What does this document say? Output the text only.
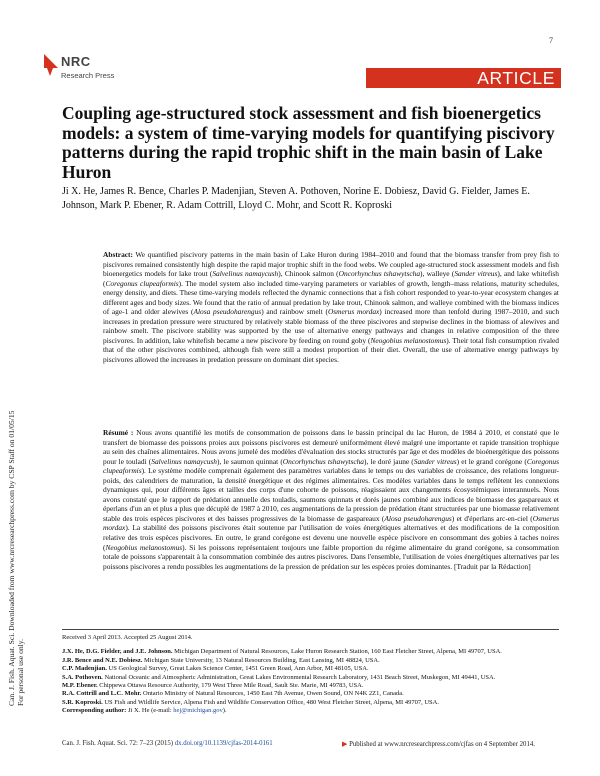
Can. J. Fish. Aquat. Sci. Downloaded from www.nrcresearchpress.com by CSP Staff on 01/05/15 For personal use only.
7
NRC
Research Press	ARTICLE
Coupling age-structured stock assessment and fish bioenergetics models: a system of time-varying models for quantifying piscivory patterns during the rapid trophic shift in the main basin of Lake Huron

Ji X. He, James R. Bence, Charles P. Madenjian, Steven A. Pothoven, Norine E. Dobiesz, David G. Fielder, James E. Johnson, Mark P. Ebener, R. Adam Cottrill, Lloyd C. Mohr, and Scott R. Koproski

Abstract: We quantified piscivory patterns in the main basin of Lake Huron during 1984–2010 and found that the biomass transfer from prey fish to piscivores remained consistently high despite the rapid major trophic shift in the food webs. We coupled age-structured stock assessment models and fish bioenergetics models for lake trout (Salvelinus namaycush), Chinook salmon (Oncorhynchus tshawytscha), walleye (Sander vitreus), and lake whitefish (Coregonus clupeaformis). The model system also included time-varying parameters or variables of growth, length–mass relations, maturity schedules, energy density, and diets. These time-varying models reflected the dynamic connections that a fish cohort responded to year-to-year ecosystem changes at different ages and body sizes. We found that the ratio of annual predation by lake trout, Chinook salmon, and walleye combined with the biomass indices of age-1 and older alewives (Alosa pseudoharengus) and rainbow smelt (Osmerus mordax) increased more than tenfold during 1987–2010, and such increases in predation pressure were structured by relatively stable biomass of the three piscivores and stepwise declines in the biomass of alewives and rainbow smelt. The piscivore stability was supported by the use of alternative energy pathways and changes in relative composition of the three piscivores. In addition, lake whitefish became a new piscivore by feeding on round goby (Neogobius melanostomus). Their total fish consumption rivaled that of the other piscivores combined, although fish were still a modest proportion of their diet. Overall, the use of alternative energy pathways by piscivores allowed the increases in predation pressure on dominant diet species.

Résumé : Nous avons quantifié les motifs de consommation de poissons dans le bassin principal du lac Huron, de 1984 à 2010, et constaté que le transfert de biomasse des poissons proies aux poissons piscivores est demeuré uniformément élevé malgré une importante et rapide transition trophique au sein des chaînes alimentaires. Nous avons jumelé des modèles d'évaluation des stocks structurés par âge et des modèles de bioénergétique des poissons pour le touladi (Salvelinus namaycush), le saumon quinnat (Oncorhynchus tshawytscha), le doré jaune (Sander vitreus) et le grand corégone (Coregonus clupeaformis). Le système modèle comprenait également des paramètres variables dans le temps ou des variables de croissance, des relations longueur-poids, des calendriers de maturation, la densité énergétique et des régimes alimentaires. Ces modèles variables dans le temps reflètent les connexions dynamiques qui, pour différents âges et tailles des corps d'une cohorte de poissons, réagissaient aux changements écosystémiques interannuels. Nous avons constaté que le rapport de prédation annuelle des touladis, saumons quinnats et dorés jaunes combiné aux indices de biomasse des gaspareaux et éperlans d'un an et plus a plus que décuplé de 1987 à 2010, ces augmentations de la pression de prédation étant structurées par une biomasse relativement stable des trois espèces piscivores et des baisses progressives de la biomasse de gaspareaux (Alosa pseudoharengus) et d'éperlans arc-en-ciel (Osmerus mordax). La stabilité des poissons piscivores était soutenue par l'utilisation de voies énergétiques alternatives et des modifications de la composition relative des trois espèces piscivores. En outre, le grand corégone est devenu une nouvelle espèce piscivore en consommant des gobies à taches noires (Neogobius melanostomus). Si les poissons représentaient toujours une faible proportion du régime alimentaire du grand corégone, sa consommation totale de poissons s'apparentait à la consommation combinée des autres piscivores. Dans l'ensemble, l'utilisation de voies énergétiques alternatives par les poissons piscivores a rendu possibles les augmentations de la pression de prédation sur les espèces proies dominantes. [Traduit par la Rédaction]

Received 3 April 2013. Accepted 25 August 2014.

J.X. He, D.G. Fielder, and J.E. Johnson. Michigan Department of Natural Resources, Lake Huron Research Station, 160 East Fletcher Street, Alpena, MI 49707, USA.

J.R. Bence and N.E. Dobiesz. Michigan State University, 13 Natural Resources Building, East Lansing, MI 48824, USA.

C.P. Madenjian. US Geological Survey, Great Lakes Science Center, 1451 Green Road, Ann Arbor, MI 48105, USA.

S.A. Pothoven. National Oceanic and Atmospheric Administration, Great Lakes Environmental Research Laboratory, 1431 Beach Street, Muskegon, MI 49441, USA.

M.P. Ebener. Chippewa Ottawa Resource Authority, 179 West Three Mile Road, Sault Ste. Marie, MI 49783, USA.

R.A. Cottrill and L.C. Mohr. Ontario Ministry of Natural Resources, 1450 East 7th Avenue, Owen Sound, ON N4K 2Z1, Canada.

S.R. Koproski. US Fish and Wildlife Service, Alpena Fish and Wildlife Conservation Office, 480 West Fletcher Street, Alpena, MI 49707, USA.

Corresponding author: Ji X. He (e-mail: hej@michigan.gov).

Can. J. Fish. Aquat. Sci. 72: 7–23 (2015) dx.doi.org/10.1139/cjfas-2014-0161	▶ Published at www.nrcresearchpress.com/cjfas on 4 September 2014.
